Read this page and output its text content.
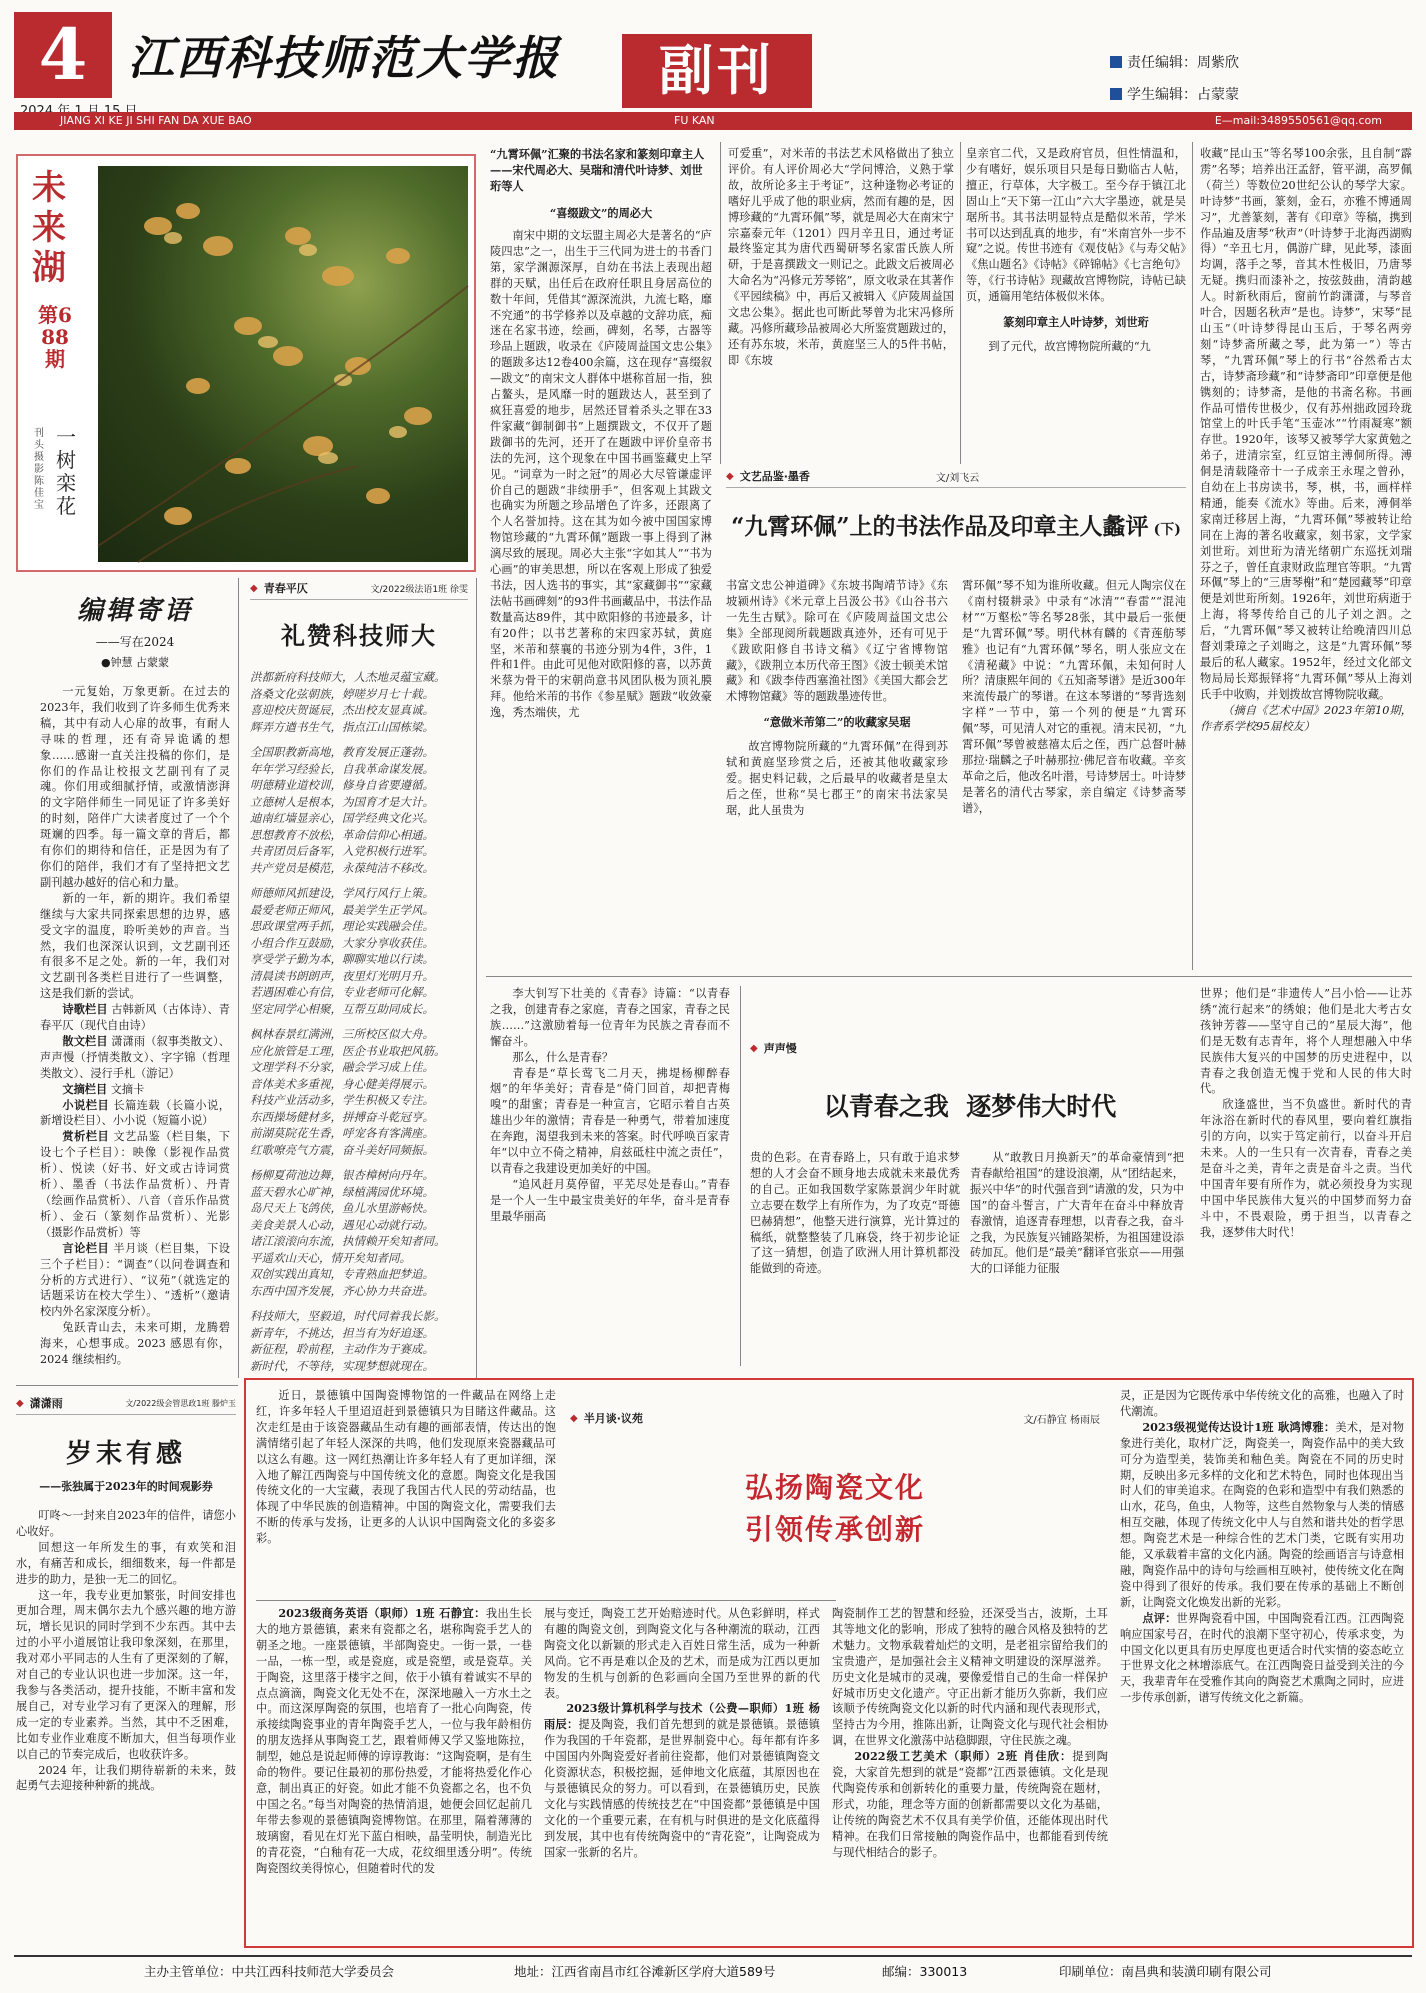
4 江西科技师范大学报	副刊	责任编辑：周紫欣
学生编辑：占蒙蒙
JIANG XI KE JI SHI FAN DA XUE BAO	FU KAN	E—mail:3489550561@qq.com
未来湖
第688期
刊头摄影 陈佳宝
一树栾花
编辑寄语
——写在2024
●钟慧 占蒙蒙

一元复始，万象更新。在过去的2023年，我们收到了许多师生优秀来稿，其中有动人心扉的故事，有耐人寻味的哲理，还有奇异诡谲的想象……感谢一直关注投稿的你们，是你们的作品让校报文艺副刊有了灵魂。你们用或细腻抒情，或激情澎湃的文字陪伴师生一同见证了许多美好的时刻，陪伴广大读者度过了一个个斑斓的四季。每一篇文章的背后，都有你们的期待和信任，正是因为有了你们的陪伴，我们才有了坚持把文艺副刊越办越好的信心和力量。

新的一年，新的期许。我们希望继续与大家共同探索思想的边界，感受文字的温度，聆听美妙的声音。当然，我们也深深认识到，文艺副刊还有很多不足之处。新的一年，我们对文艺副刊各类栏目进行了一些调整，这是我们新的尝试。

诗歌栏目 古韩新风（古体诗）、青春平仄（现代自由诗）

散文栏目 潇潇雨（叙事类散文）、声声慢（抒情类散文）、字字锦（哲理类散文）、浸行手札（游记）

文摘栏目 文摘卡

小说栏目 长篇连载（长篇小说，新增设栏目）、小小说（短篇小说）

赏析栏目 文艺品鉴（栏目集，下设七个子栏目）：映像（影视作品赏析）、悦读（好书、好文或古诗词赏析）、墨香（书法作品赏析）、丹青（绘画作品赏析）、八音（音乐作品赏析）、金石（篆刻作品赏析）、光影（摄影作品赏析）等

言论栏目 半月谈（栏目集，下设三个子栏目）：“调查”（以问卷调查和分析的方式进行）、“议苑”（就选定的话题采访在校大学生）、“透析”（邀请校内外名家深度分析）。

兔跃青山去，未来可期，龙腾碧海来，心想事成。2023 感恩有你，2024 继续相约。

◆ 青春平仄	文/2022级法语1班 徐雯
礼赞科技师大
洪都新府科技师大，人杰地灵蕴宝藏。
洛桑文化弦朝族，婷嗟岁月七十载。
喜迎校庆贺诞辰，杰出校友显真诚。
辉弄方遒书生气，指点江山国栋梁。
全国职教新高地，教育发展正蓬勃。
年年学习经验长，自我革命谋发展。
明德精业道校训，修身自省要遵循。
立德树人是根本，为国育才是大计。
迪南红墙显亲心，国学经典文化兴。
思想教育不放松，革命信仰心相通。
共青团员后备军，入党积极行进军。
共产党员是模范，永葆纯洁不移改。
师德师风抓建设，学风行风行上策。
最爱老师正师风，最美学生正学风。
思政课堂两手抓，理论实践融会佳。
小组合作互鼓励，大家分享收获佳。
享受学子勤为本，聊聊实地以行读。
清晨读书朗朗声，夜里灯光明月升。
若遇困难心有信，专业老师可化解。
坚定同学心相聚，互帮互助同成长。
枫林春景红满洲，三所校区似大舟。
应化旅管是工理，医企书业取把风筋。
文理学科不分家，融会学习成上佳。
音体美术多重视，身心健美得展示。
科技产业活动多，学生积极又专注。
东西操场健材多，拼搏奋斗乾冠亨。
前湖莫院花生香，呼宠各有客满座。
红歌嘹亮气方震，奋斗美好同频振。
杨柳夏荷池边舞，银杏樟树向丹年。
蓝天碧水心旷神，绿植满园优环境。
岛尺天上飞鸽侠，鱼儿水里游畅快。
美食美景人心动，遇见心动就行动。
诸江滚滚向东流，执情赖开矣知者同。
平遥欢山天心，情开矣知者同。
双创实践出真知，专青熟血把梦追。
东西中国齐发展，齐心协力共奋进。
科技师大，坚毅追，时代同着我长影。
新青年，不挑达，担当有为好追逐。
新征程，聆前程，主动作为于赛成。
新时代，不等待，实现梦想就现在。
◆ 潇潇雨	文/2022级会管思政1班 滕炉玉
岁末有感
——张独属于2023年的时间观影券

叮咚～一封来自2023年的信件，请您小心收好。

回想这一年所发生的事，有欢笑和泪水，有痛苦和成长，细细数来，每一件都是进步的助力，是独一无二的回忆。

这一年，我专业更加繁张，时间安排也更加合理，周末偶尔去九个感兴趣的地方游玩，增长见识的同时学到不少东西。其中去过的小平小道展馆让我印象深刻，在那里，我对邓小平同志的人生有了更深刻的了解，对自己的专业认识也进一步加深。这一年，我参与各类活动，提升技能，不断丰富和发展自己，对专业学习有了更深入的理解，形成一定的专业素养。当然，其中不乏困难，比如专业作业难度不断加大，但当每项作业以自己的节奏完成后，也收获许多。

2024 年，让我们期待崭新的未来，鼓起勇气去迎接种种新的挑战。

“九霄环佩”汇聚的书法名家和篆刻印章主人——宋代周必大、吴瑞和清代叶诗梦、刘世珩等人
“喜缀跋文”的周必大

南宋中期的文坛盟主周必大是著名的“庐陵四忠”之一，出生于三代同为进士的书香门第，家学渊源深厚，自幼在书法上表现出超群的天赋，出任后在政府任职且身居高位的数十年间，凭借其“源深流洪，九流七略，靡不究通”的书学修养以及卓越的文辞功底，痴迷在名家书迹，绘画，碑刻，名琴，古器等珍品上题跋，收录在《庐陵周益国文忠公集》的题跋多达12卷400余篇，这在现存“喜缀叙—跋文”的南宋文人群体中堪称首屈一指，独占鳌头，是风靡一时的题跋达人，甚至到了疯狂喜爱的地步，居然还冒着杀头之罪在33件家藏“御制御书”上题撰跋文，不仅开了题跋御书的先河，还开了在题跋中评价皇帝书法的先河，这个现象在中国书画鉴藏史上罕见。“词章为一时之冠”的周必大尽管谦虚评价自己的题跋“非续册手”，但客观上其跋文也确实为所题之珍品增色了许多，还跟离了个人名誉加持。这在其为如今被中国国家博物馆珍藏的“九霄环佩”题跋一事上得到了淋漓尽致的展现。周必大主张“字如其人”“书为心画”的审美思想，所以在客观上形成了独爱书法，因人选书的事实，其“家藏御书”“家藏法帖书画碑刻”的93件书画藏品中，书法作品数量高达89件，其中欧阳修的书迹最多，计有20件；以书艺著称的宋四家苏轼，黄庭坚，米芾和蔡襄的书迹分别为4件，3件，1件和1件。由此可见他对欧阳修的喜，以苏黄米蔡为骨干的宋朝尚意书风团队极为顶礼膜拜。他给米芾的书作《参星赋》题跋“收敛豪逸，秀杰端侠，尤

可爱重”，对米芾的书法艺术风格做出了独立评价。有人评价周必大“学问博洽，义熟于掌故，故所论多主于考证”，这种逢物必考证的嗜好儿乎成了他的职业病，然而有趣的是，因博珍藏的“九霄环佩”琴，就是周必大在南宋宁宗嘉泰元年（1201）四月辛丑日，通过考证最终鉴定其为唐代西蜀研琴名家雷氏族人所研，于是喜撰跋文一则记之。此跋文后被周必大命名为“冯修元芳琴铭”，原文收录在其著作《平园续稿》中，再后又被辑入《庐陵周益国文忠公集》。据此也可断此琴曾为北宋冯修所藏。冯修所藏珍品被周必大所鉴赏题跋过的，还有苏东坡，米芾，黄庭坚三人的5件书帖，即《东坡

皇亲官二代，又是政府官员，但性情温和，少有嗜好，娱乐项目只是每日勤临古人帖，擅正，行草体，大字极工。至今存于镇江北固山上“天下第一江山”六大字墨迹，就是吴琚所书。其书法明显特点是酷似米芾，学米书可以达到乱真的地步，有“米南宫外一步不窥”之说。传世书迹有《观伎帖》《与寿父帖》《焦山题名》《诗帖》《碎锦帖》《七言绝句》等，《行书诗帖》现藏故宫博物院，诗帖已缺页，通篇用笔结体极似米体。

篆刻印章主人叶诗梦，刘世珩

到了元代，故宫博物院所藏的“九

收藏”昆山玉”等名琴100余张，且自制“霹雳”名琴；培养出汪孟舒，管平湖，高罗佩（荷兰）等数位20世纪公认的琴学大家。叶诗梦“书画，篆刻，金石，亦雅不博通周习”，尤善篆刻，著有《印章》等稿，携到作品遍及唐琴“秋声”（叶诗梦于北海西湖购得）“辛丑七月，偶游广肆，见此琴，漆面均调，落手之琴，音其木性极旧，乃唐琴无疑。携归而漆补之，按弦鼓曲，清韵越人。时新秋雨后，窗前竹韵潇潇，与琴音叶合，因题名秋声”是也。诗梦”，宋琴“昆山玉”（叶诗梦得昆山玉后，于琴名两旁刻“诗梦斋所藏之琴，此为第一”）等古琴，“九霄环佩”琴上的行书“谷然希古太古，诗梦斋珍藏”和“诗梦斋印”印章便是他镌刻的；诗梦斋，是他的书斋名称。书画作品可惜传世极少，仅有苏州拙政园玲珑馆堂上的叶氏手笔“玉壶冰”“竹雨凝寒”额存世。1920年，该琴又被琴学大家黄勉之弟子，进清宗室，红豆馆主溥侗所得。溥侗是清载隆帝十一子成亲王永瑆之曾孙，自幼在上书房读书，琴，棋，书，画样样精通，能奏《流水》等曲。后来，溥侗举家南迁移居上海，“九霄环佩”琴被转让给同在上海的著名收藏家，刻书家，文学家刘世珩。刘世珩为清光绪朝广东巡抚刘瑞芬之子，曾任直隶财政监理官等职。“九霄环佩”琴上的“三唐琴榭”和“楚园藏琴”印章便是刘世珩所刻。1926年，刘世珩病逝于上海，将琴传给自己的儿子刘之泗。之后，“九霄环佩”琴又被转让给晚清四川总督刘秉璋之子刘晦之，这是“九霄环佩”琴最后的私人藏家。1952年，经过文化部文物局局长郑振铎将“九霄环佩”琴从上海刘氏手中收购，并划拨故宫博物院收藏。

（摘自《艺术中国》2023年第10期，作者系学校95届校友）

◆ 文艺品鉴·墨香	文/刘飞云
“九霄环佩”上的书法作品及印章主人蠡评 (下)

书富文忠公神道碑》《东坡书陶靖节诗》《东坡颍州诗》《米元章上吕汲公书》《山谷书六一先生古赋》。除可在《庐陵周益国文忠公集》全部现阅所载题跋真迹外，还有可见于《跋欧阳修自书诗文稿》《辽宁省博物馆藏》，《跋荆立本历代帝王图》《波士顿美术馆藏》和《跋李侍西塞渔社图》《美国大都会艺术博物馆藏》等的题跋墨迹传世。

“意做米芾第二”的收藏家吴琚

故宫博物院所藏的“九霄环佩”在得到苏轼和黄庭坚珍赏之后，还被其他收藏家珍爱。据史料记载，之后最早的收藏者是皇太后之侄，世称“吴七郡王”的南宋书法家吴琚，此人虽贵为

霄环佩”琴不知为谁所收藏。但元人陶宗仪在《南村辍耕录》中录有“冰清”“春雷”“混沌材”“万壑松”等名琴28张，其中最后一张便是“九霄环佩”琴。明代林有麟的《青莲舫琴雅》也记有“九霄环佩”琴名，明人张应文在《清秘藏》中说：“九霄环佩，未知何时人所？清康熙年间的《五知斋琴谱》是近300年来流传最广的琴谱。在这本琴谱的“琴背选刻字样”一节中，第一个列的便是“九霄环佩”琴，可见清人对它的重视。清末民初，“九霄环佩”琴曾被慈禧太后之侄，西广总督叶赫那拉·瑞麟之子叶赫那拉·佛尼音布收藏。辛亥革命之后，他改名叶潜，号诗梦居士。叶诗梦是著名的清代古琴家，亲自编定《诗梦斋琴谱》，

李大钊写下壮美的《青春》诗篇：“以青春之我，创建青春之家庭，青春之国家，青春之民族……”这激励着每一位青年为民族之青春而不懈奋斗。

那么，什么是青春？

青春是“草长莺飞二月天，拂堤杨柳醉春烟”的年华美好；青春是“倚门回首，却把青梅嗅”的甜蜜；青春是一种宣言，它昭示着自古英雄出少年的激情；青春是一种勇气，带着加速度在奔跑，渴望我到未来的答案。时代呼唤百家青年“以中立不倚之精神，肩兹砥柱中流之责任”，以青春之我建设更加美好的中国。

“追风赶月莫停留，平芜尽处是春山。”青春是一个人一生中最宝贵美好的年华，奋斗是青春里最华丽高

◆ 声声慢
以青春之我  逐梦伟大时代

贵的色彩。在青春路上，只有敢于追求梦想的人才会奋不顾身地去成就未来最优秀的自己。正如我国数学家陈景润少年时就立志要在数学上有所作为，为了攻克“哥德巴赫猜想”，他整天进行演算，光计算过的稿纸，就整整装了几麻袋，终于初步论证了这一猜想，创造了欧洲人用计算机都没能做到的奇迹。

从“敢教日月换新天”的革命豪情到“把青春献给祖国”的建设浪潮，从“团结起来，振兴中华”的时代强音到“请激的发，只为中国”的奋斗誓言，广大青年在奋斗中释放青春激情，追逐青春理想，以青春之我，奋斗之我，为民族复兴铺路架桥，为祖国建设添砖加瓦。他们是“最美”翻译官张京——用强大的口译能力征服

世界；他们是“非遗传人”吕小恰——让苏绣“流行起来”的绣娘；他们是北大考古女孩钟芳蓉——坚守自己的“星辰大海”，他们是无数有志青年，将个人理想融入中华民族伟大复兴的中国梦的历史进程中，以青春之我创造无愧于党和人民的伟大时代。

欣逢盛世，当不负盛世。新时代的青年泳浴在新时代的春风里，要向着红旗指引的方向，以实于笃定前行，以奋斗开启未来。人的一生只有一次青春，青春之美是奋斗之美，青年之责是奋斗之责。当代中国青年要有所作为，就必须投身为实现中国中华民族伟大复兴的中国梦而努力奋斗中，不畏艰险，勇于担当，以青春之我，逐梦伟大时代！

近日，景德镇中国陶瓷博物馆的一件藏品在网络上走红，许多年轻人千里迢迢赶到景德镇只为目睹这件藏品。这次走红是由于该瓷器藏品生动有趣的画部表情，传达出的饱满情绪引起了年轻人深深的共鸣，他们发现原来瓷器藏品可以这么有趣。这一网红热潮让许多年轻人有了更加详细，深入地了解江西陶瓷与中国传统文化的意愿。陶瓷文化是我国传统文化的一大宝藏，表现了我国古代人民的劳动结晶，也体现了中华民族的创造精神。中国的陶瓷文化，需要我们去不断的传承与发扬，让更多的人认识中国陶瓷文化的多姿多彩。

◆ 半月谈·议苑	文/石静宜 杨雨辰
弘扬陶瓷文化
引领传承创新

2023级商务英语（职师）1班 石静宜：我出生长大的地方景德镇，素来有瓷都之名，堪称陶瓷手艺人的朝圣之地。一座景德镇，半部陶瓷史。一街一景，一巷一品，一栋一型，或是瓷庭，或是瓷塑，或是瓷草。关于陶瓷，这里落于楼宇之间，依于小镇有着诚实不早的点点滴滴，陶瓷文化无处不在，深深地融入一方水土之中。而这深厚陶瓷的氛围，也培育了一批心向陶瓷，传承接续陶瓷事业的青年陶瓷手艺人，一位与我年龄相仿的朋友选择从事陶瓷工艺，跟着师傅又学又鉴地陈拉，制型，她总是说起师傅的谆谆教诲：“这陶瓷啊，是有生命的物件。要记住最初的那份热爱，才能将热爱化作心意，制出真正的好瓷。如此才能不负瓷都之名，也不负中国之名。”每当对陶瓷的热情消退，她便会回忆起前几年带去参观的景德镇陶瓷博物馆。在那里，隔着薄薄的玻璃窗，看见在灯光下蓝白相映，晶莹明快，制造光比的青花瓷，“白釉有花一大成，花纹细里透分明”。传统陶瓷图纹美得惊心，但随着时代的发

展与变迁，陶瓷工艺开始赔迹时代。从色彩鲜明，样式有趣的陶瓷文创，到陶瓷文化与各种潮流的联动，江西陶瓷文化以新颖的形式走入百姓日常生活，成为一种新风尚。它不再是难以企及的艺术，而是成为江西以更加物发的生机与创新的色彩画向全国乃至世界的新的代表。

2023级计算机科学与技术（公费—职师）1班 杨雨辰：提及陶瓷，我们首先想到的就是景德镇。景德镇作为我国的千年瓷都，是世界制瓷中心。每年都有许多中国国内外陶瓷爱好者前往瓷都，他们对景德镇陶瓷文化资源状态，积极挖掘，延伸地文化底蕴，其原因也在与景德镇民众的努力。可以看到，在景德镇历史，民族文化与实践情感的传统技艺在“中国瓷都”景德镇是中国文化的一个重要元素，在有机与时俱进的是文化底蕴得到发展，其中也有传统陶瓷中的“青花瓷”，让陶瓷成为国家一张新的名片。

陶瓷制作工艺的智慧和经验，还深受当古，波斯，土耳其等地文化的影响，形成了独特的融合风格及独特的艺术魅力。文物承载着灿烂的文明，是老祖宗留给我们的宝贵遗产，是加强社会主义精神文明建设的深厚滋养。历史文化是城市的灵魂，要像爱惜自己的生命一样保护好城市历史文化遗产。守正出新才能历久弥新，我们应该顺予传统陶瓷文化以新的时代内涵和现代表现形式，坚持古为今用，推陈出新，让陶瓷文化与现代社会相协调，在世界文化激荡中站稳脚跟，守住民族之魂。

2022级工艺美术（职师）2班 肖佳欣：提到陶瓷，大家首先想到的就是“瓷都”江西景德镇。文化是现代陶瓷传承和创新转化的重要力量，传统陶瓷在题材，形式，功能，理念等方面的创新都需要以文化为基础，让传统的陶瓷艺术不仅具有美学价值，还能体现出时代精神。在我们日常接触的陶瓷作品中，也都能看到传统与现代相结合的影子。

灵，正是因为它既传承中华传统文化的高雅，也融入了时代潮流。

2023级视觉传达设计1班 耿鸿博雅：美术，是对物象进行美化，取材广泛，陶瓷美一，陶瓷作品中的美大致可分为造型美，装饰美和釉色美。陶瓷在不同的历史时期，反映出多元多样的文化和艺术特色，同时也体现出当时人们的审美追求。在陶瓷的色彩和造型中有我们熟悉的山水，花鸟，鱼虫，人物等，这些自然物象与人类的情感相互交融，体现了传统文化中人与自然和谐共处的哲学思想。陶瓷艺术是一种综合性的艺术门类，它既有实用功能，又承载着丰富的文化内涵。陶瓷的绘画语言与诗意相融，陶瓷作品中的诗句与绘画相互映衬，使传统文化在陶瓷中得到了很好的传承。我们要在传承的基础上不断创新，让陶瓷文化焕发出新的光彩。

点评：世界陶瓷看中国，中国陶瓷看江西。江西陶瓷响应国家号召，在时代的浪潮下坚守初心，传承求变，为中国文化以更具有历史厚度也更适合时代实情的姿态屹立于世界文化之林增添底气。在江西陶瓷日益受到关注的今天，我辈青年在受雅作其向的陶瓷艺术熏陶之同时，应进一步传承创新，谱写传统文化之新篇。

主办主管单位：中共江西科技师范大学委员会	地址：江西省南昌市红谷滩新区学府大道589号	邮编：330013	印刷单位：南昌典和装潢印刷有限公司
